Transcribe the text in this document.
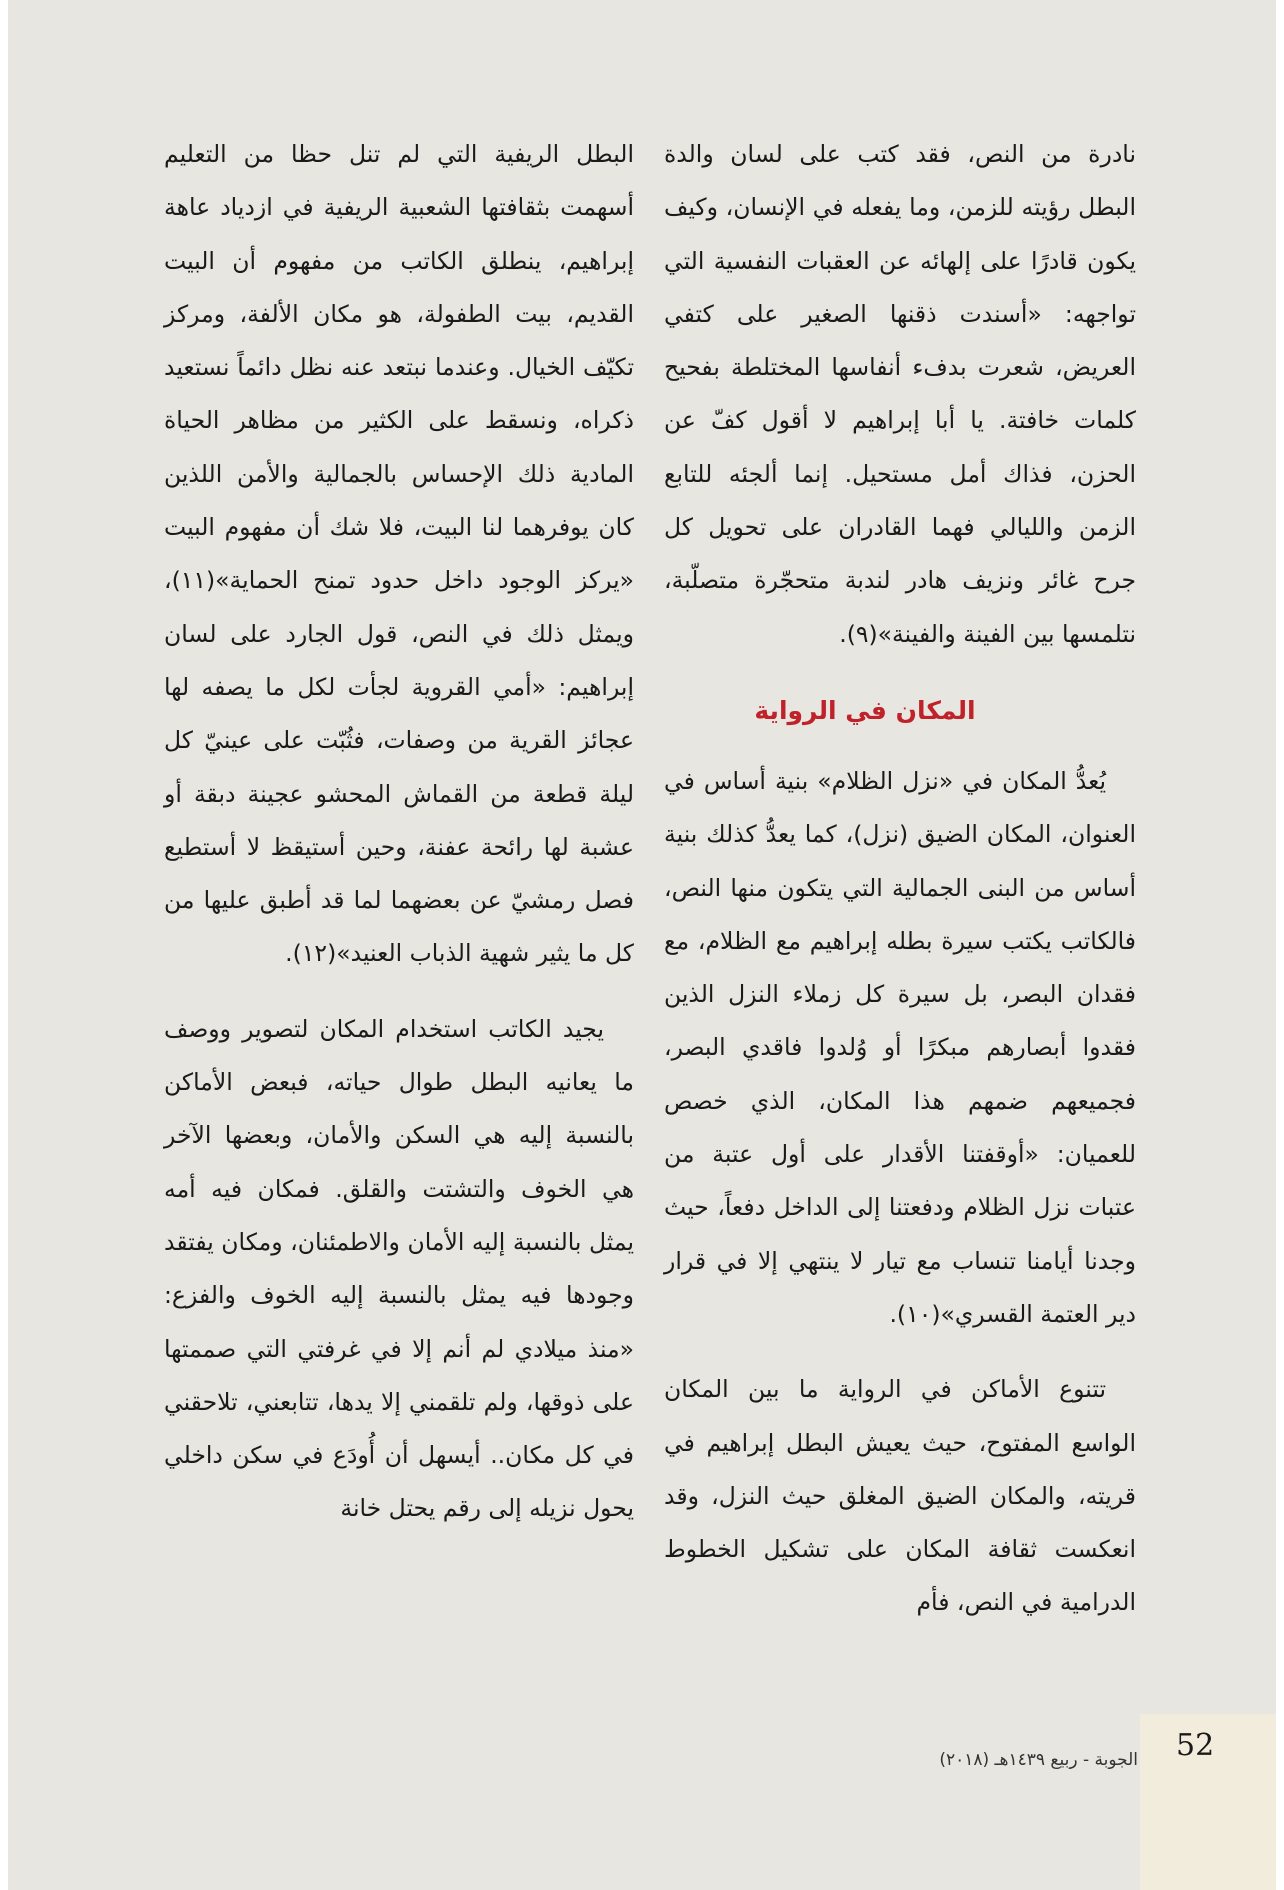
نادرة من النص، فقد كتب على لسان والدة البطل رؤيته للزمن، وما يفعله في الإنسان، وكيف يكون قادرًا على إلهائه عن العقبات النفسية التي تواجهه: «أسندت ذقنها الصغير على كتفي العريض، شعرت بدفء أنفاسها المختلطة بفحيح كلمات خافتة. يا أبا إبراهيم لا أقول كفّ عن الحزن، فذاك أمل مستحيل. إنما ألجئه للتابع الزمن والليالي فهما القادران على تحويل كل جرح غائر ونزيف هادر لندبة متحجّرة متصلّبة، نتلمسها بين الفينة والفينة»(٩).

المكان في الرواية

يُعدُّ المكان في «نزل الظلام» بنية أساس في العنوان، المكان الضيق (نزل)، كما يعدُّ كذلك بنية أساس من البنى الجمالية التي يتكون منها النص، فالكاتب يكتب سيرة بطله إبراهيم مع الظلام، مع فقدان البصر، بل سيرة كل زملاء النزل الذين فقدوا أبصارهم مبكرًا أو وُلدوا فاقدي البصر، فجميعهم ضمهم هذا المكان، الذي خصص للعميان: «أوقفتنا الأقدار على أول عتبة من عتبات نزل الظلام ودفعتنا إلى الداخل دفعاً، حيث وجدنا أيامنا تنساب مع تيار لا ينتهي إلا في قرار دير العتمة القسري»(١٠).

تتنوع الأماكن في الرواية ما بين المكان الواسع المفتوح، حيث يعيش البطل إبراهيم في قريته، والمكان الضيق المغلق حيث النزل، وقد انعكست ثقافة المكان على تشكيل الخطوط الدرامية في النص، فأم

البطل الريفية التي لم تنل حظا من التعليم أسهمت بثقافتها الشعبية الريفية في ازدياد عاهة إبراهيم، ينطلق الكاتب من مفهوم أن البيت القديم، بيت الطفولة، هو مكان الألفة، ومركز تكيّف الخيال. وعندما نبتعد عنه نظل دائماً نستعيد ذكراه، ونسقط على الكثير من مظاهر الحياة المادية ذلك الإحساس بالجمالية والأمن اللذين كان يوفرهما لنا البيت، فلا شك أن مفهوم البيت «يركز الوجود داخل حدود تمنح الحماية»(١١)، ويمثل ذلك في النص، قول الجارد على لسان إبراهيم: «أمي القروية لجأت لكل ما يصفه لها عجائز القرية من وصفات، فثُبّت على عينيّ كل ليلة قطعة من القماش المحشو عجينة دبقة أو عشبة لها رائحة عفنة، وحين أستيقظ لا أستطيع فصل رمشيّ عن بعضهما لما قد أطبق عليها من كل ما يثير شهية الذباب العنيد»(١٢).

يجيد الكاتب استخدام المكان لتصوير ووصف ما يعانيه البطل طوال حياته، فبعض الأماكن بالنسبة إليه هي السكن والأمان، وبعضها الآخر هي الخوف والتشتت والقلق. فمكان فيه أمه يمثل بالنسبة إليه الأمان والاطمئنان، ومكان يفتقد وجودها فيه يمثل بالنسبة إليه الخوف والفزع: «منذ ميلادي لم أنم إلا في غرفتي التي صممتها على ذوقها، ولم تلقمني إلا يدها، تتابعني، تلاحقني في كل مكان.. أيسهل أن أُودَع في سكن داخلي يحول نزيله إلى رقم يحتل خانة

52
الجوبة - ربيع ١٤٣٩هـ (٢٠١٨)
